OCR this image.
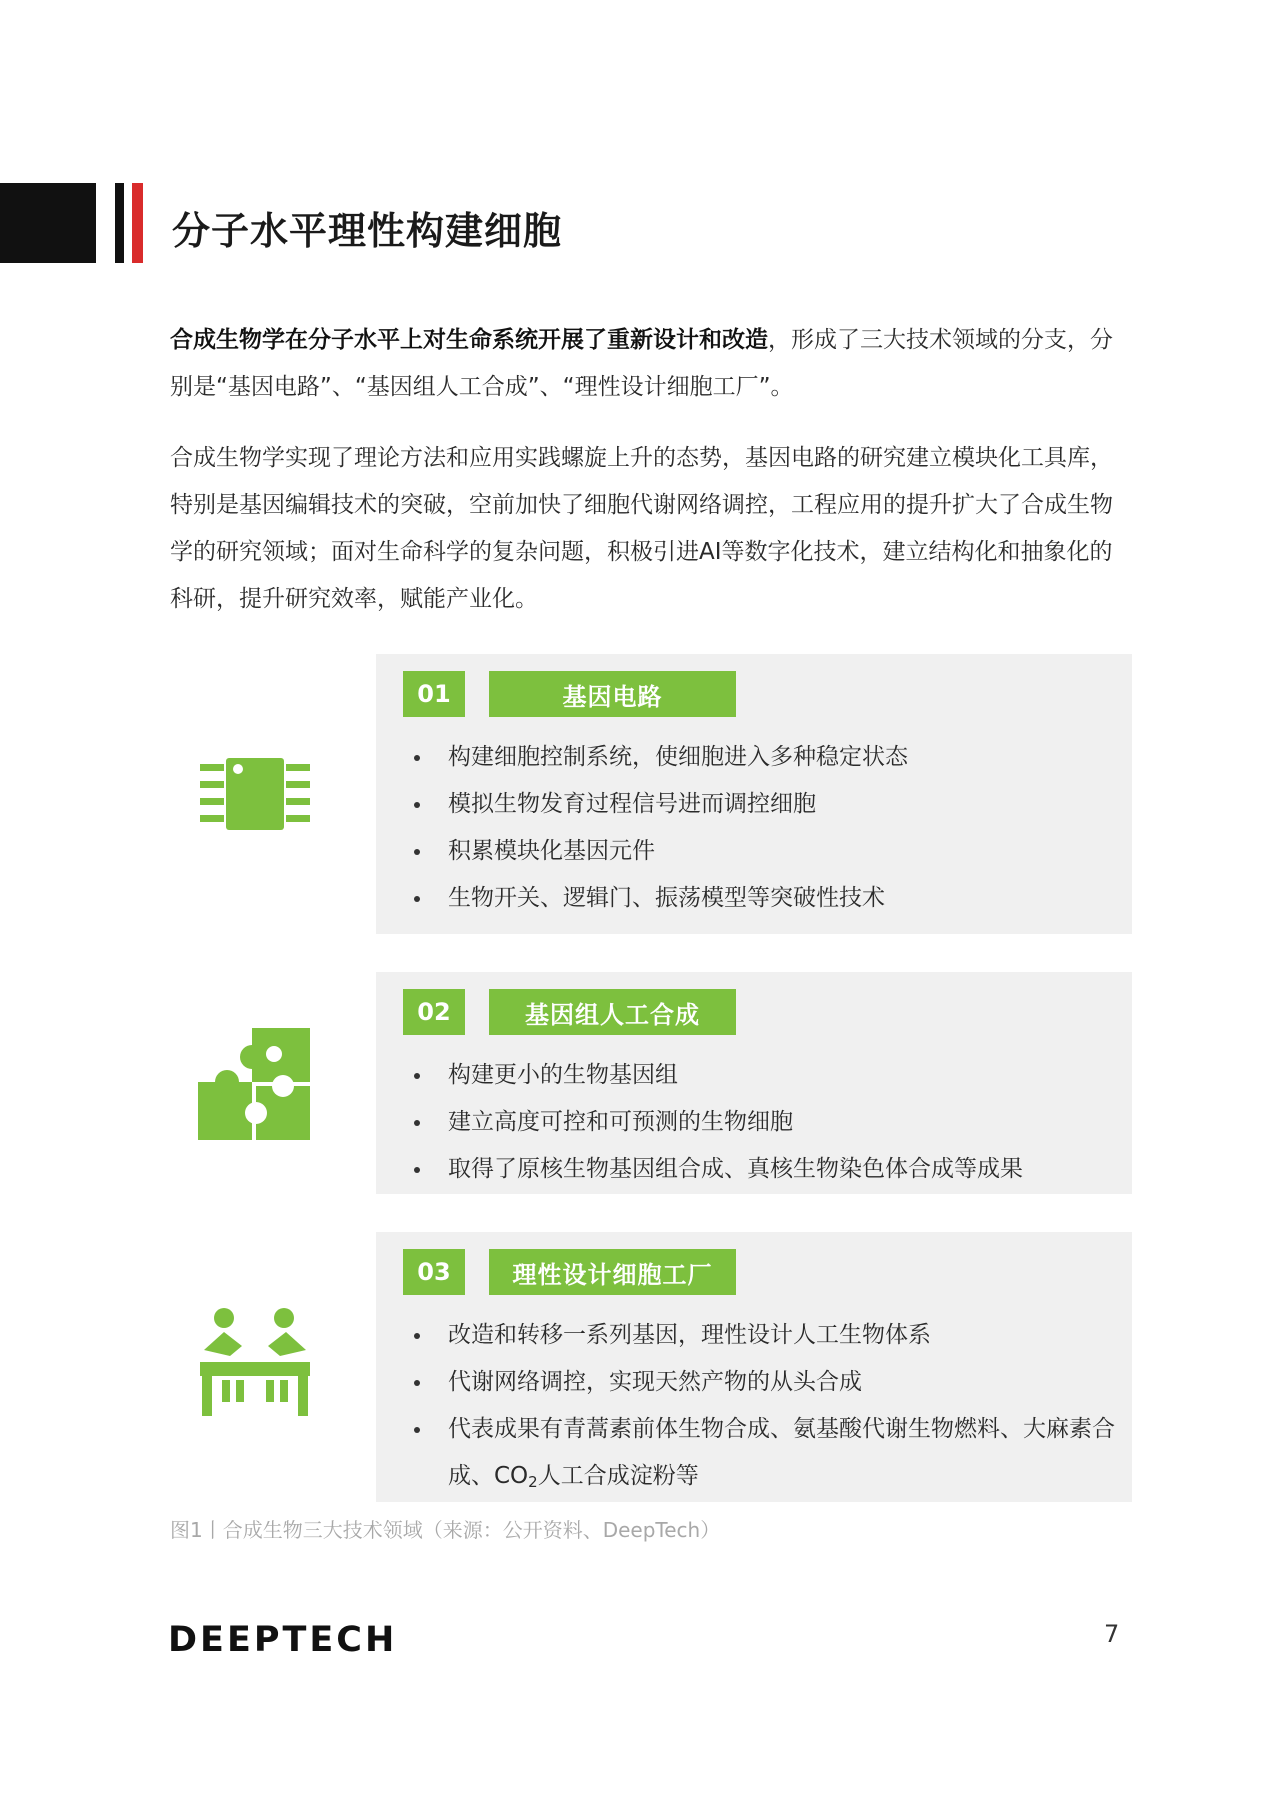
分子水平理性构建细胞

合成生物学在分子水平上对生命系统开展了重新设计和改造，形成了三大技术领域的分支，分别是“基因电路”、“基因组人工合成”、“理性设计细胞工厂”。

合成生物学实现了理论方法和应用实践螺旋上升的态势，基因电路的研究建立模块化工具库，特别是基因编辑技术的突破，空前加快了细胞代谢网络调控，工程应用的提升扩大了合成生物学的研究领域；面对生命科学的复杂问题，积极引进AI等数字化技术，建立结构化和抽象化的科研，提升研究效率，赋能产业化。

01	基因电路
构建细胞控制系统，使细胞进入多种稳定状态
模拟生物发育过程信号进而调控细胞
积累模块化基因元件
生物开关、逻辑门、振荡模型等突破性技术
02	基因组人工合成
构建更小的生物基因组
建立高度可控和可预测的生物细胞
取得了原核生物基因组合成、真核生物染色体合成等成果
03	理性设计细胞工厂
改造和转移一系列基因，理性设计人工生物体系
代谢网络调控，实现天然产物的从头合成
代表成果有青蒿素前体生物合成、氨基酸代谢生物燃料、大麻素合成、$CO_2$人工合成淀粉等

图1丨合成生物三大技术领域（来源：公开资料、DeepTech）

DEEPTECH	7
